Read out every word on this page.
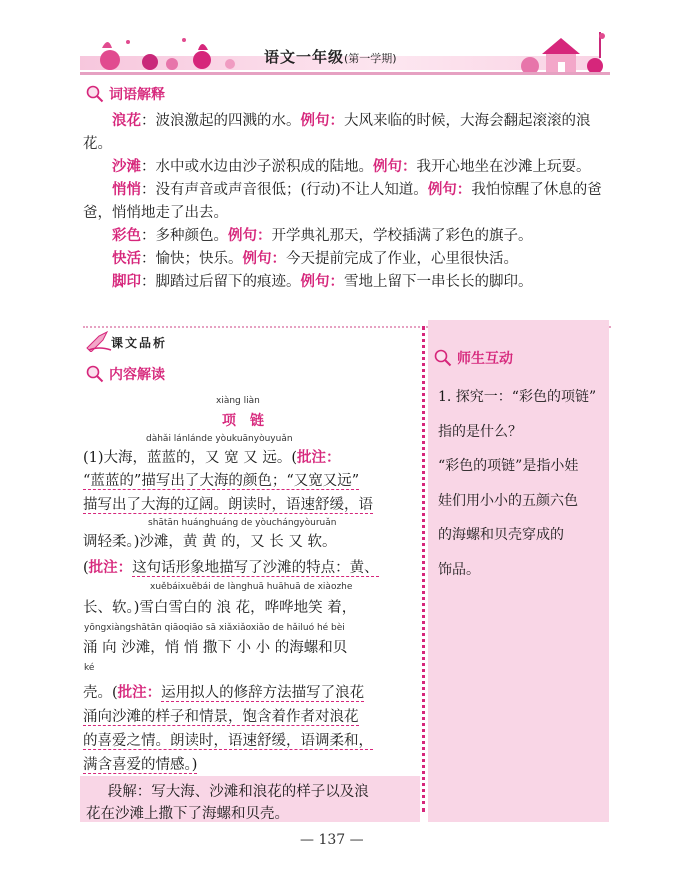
语文一年级(第一学期)
词语解释

浪花：波浪激起的四溅的水。例句：大风来临的时候，大海会翻起滚滚的浪花。

沙滩：水中或水边由沙子淤积成的陆地。例句：我开心地坐在沙滩上玩耍。

悄悄：没有声音或声音很低；(行动)不让人知道。例句：我怕惊醒了休息的爸爸，悄悄地走了出去。

彩色：多种颜色。例句：开学典礼那天，学校插满了彩色的旗子。

快活：愉快；快乐。例句：今天提前完成了作业，心里很快活。

脚印：脚踏过后留下的痕迹。例句：雪地上留下一串长长的脚印。

课文品析
内容解读
xiàng liàn
项链
dàhǎi lánlánde yòukuānyòuyuǎn
(1)大海，蓝蓝的，又 宽 又 远。(批注：
“蓝蓝的”描写出了大海的颜色；“又宽又远”
描写出了大海的辽阔。朗读时，语速舒缓，语
shātān huánghuáng de yòuchángyòuruǎn
调轻柔。)沙滩，黄 黄 的，又 长 又 软。
(批注：这句话形象地描写了沙滩的特点：黄、
xuěbáixuěbái de lànghuā huāhuā de xiàozhe
长、软。)雪白雪白的 浪 花，哗哗地笑 着，
yōngxiàngshātān qiāoqiāo sā xiǎxiǎoxiǎo de hǎiluó hé bèi
涌 向 沙滩，悄 悄 撒下 小 小 的海螺和贝
ké
壳。(批注：运用拟人的修辞方法描写了浪花
涌向沙滩的样子和情景，饱含着作者对浪花
的喜爱之情。朗读时，语速舒缓，语调柔和，
满含喜爱的情感。)
段解：写大海、沙滩和浪花的样子以及浪
花在沙滩上撒下了海螺和贝壳。
师生互动
1. 探究一：“彩色的项链”
指的是什么？
“彩色的项链”是指小娃
娃们用小小的五颜六色
的海螺和贝壳穿成的
饰品。
— 137 —
